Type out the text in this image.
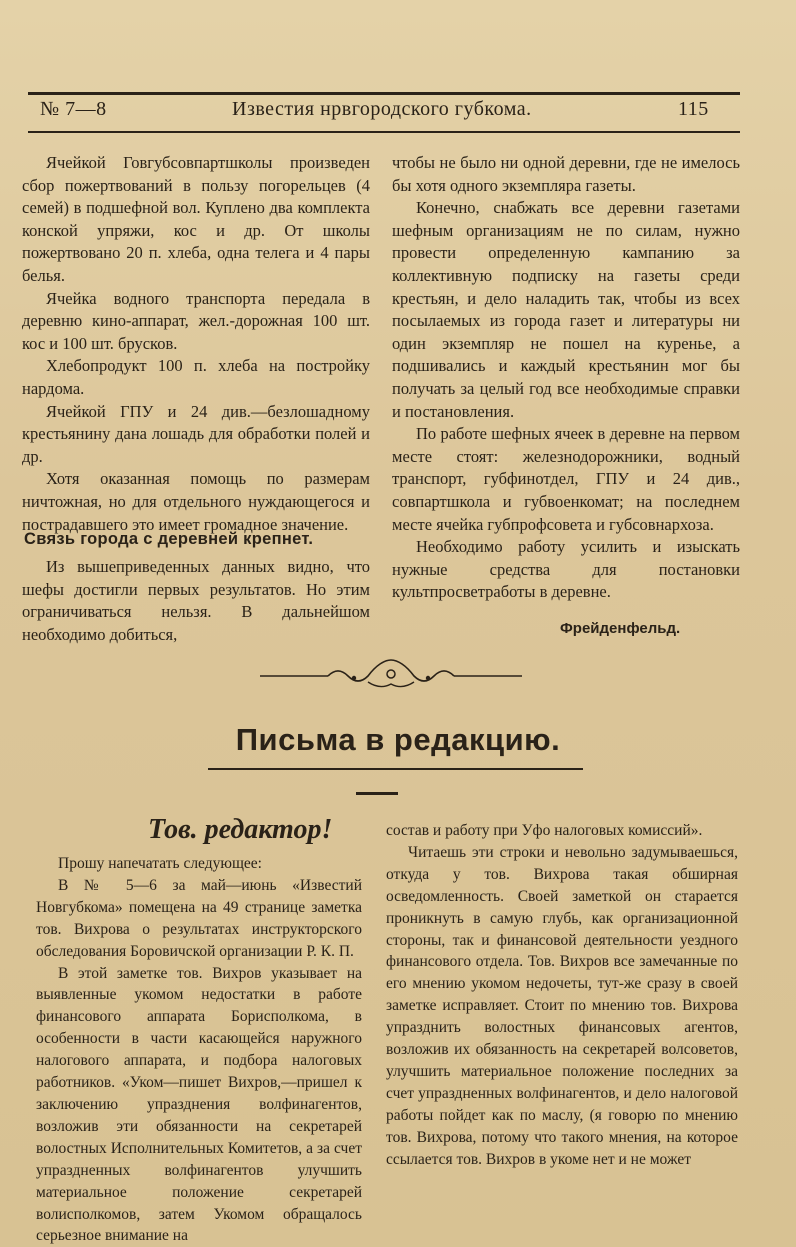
№ 7—8	Известия нрвгородского губкома.	115

Ячейкой Говгубсовпартшколы произведен сбор пожертвований в пользу погорельцев (4 семей) в подшефной вол. Куплено два комплекта конской упряжи, кос и др. От школы пожертвовано 20 п. хлеба, одна телега и 4 пары белья.

Ячейка водного транспорта передала в деревню кино-аппарат, жел.-дорожная 100 шт. кос и 100 шт. брусков.

Хлебопродукт 100 п. хлеба на постройку нардома.

Ячейкой ГПУ и 24 див.—безлошадному крестьянину дана лошадь для обработки полей и др.

Хотя оказанная помощь по размерам ничтожная, но для отдельного нуждающегося и пострадавшего это имеет громадное значение.

Связь города с деревней крепнет.

Из вышеприведенных данных видно, что шефы достигли первых результатов. Но этим ограничиваться нельзя. В дальнейшом необходимо добиться,

чтобы не было ни одной деревни, где не имелось бы хотя одного экземпляра газеты.

Конечно, снабжать все деревни газетами шефным организациям не по силам, нужно провести определенную кампанию за коллективную подписку на газеты среди крестьян, и дело наладить так, чтобы из всех посылаемых из города газет и литературы ни один экземпляр не пошел на куренье, а подшивались и каждый крестьянин мог бы получать за целый год все необходимые справки и постановления.

По работе шефных ячеек в деревне на первом месте стоят: железнодорожники, водный транспорт, губфинотдел, ГПУ и 24 див., совпартшкола и губвоенкомат; на последнем месте ячейка губпрофсовета и губсовнархоза.

Необходимо работу усилить и изыскать нужные средства для постановки культпросветработы в деревне.

Фрейденфельд.
Письма в редакцию.
Тов. редактор!

Прошу напечатать следующее:

В № 5—6 за май—июнь «Известий Новгубкома» помещена на 49 странице заметка тов. Вихрова о результатах инструкторского обследования Боровичской организации Р. К. П.

В этой заметке тов. Вихров указывает на выявленные укомом недостатки в работе финансового аппарата Борисполкома, в особенности в части касающейся наружного налогового аппарата, и подбора налоговых работников. «Уком—пишет Вихров,—пришел к заключению упразднения волфинагентов, возложив эти обязанности на секретарей волостных Исполнительных Комитетов, а за счет упраздненных волфинагентов улучшить материальное положение секретарей волисполкомов, затем Укомом обращалось серьезное внимание на

состав и работу при Уфо налоговых комиссий».

Читаешь эти строки и невольно задумываешься, откуда у тов. Вихрова такая обширная осведомленность. Своей заметкой он старается проникнуть в самую глубь, как организационной стороны, так и финансовой деятельности уездного финансового отдела. Тов. Вихров все замечанные по его мнению укомом недочеты, тут-же сразу в своей заметке исправляет. Стоит по мнению тов. Вихрова упразднить волостных финансовых агентов, возложив их обязанность на секретарей волсоветов, улучшить материальное положение последних за счет упраздненных волфинагентов, и дело налоговой работы пойдет как по маслу, (я говорю по мнению тов. Вихрова, потому что такого мнения, на которое ссылается тов. Вихров в укоме нет и не может
